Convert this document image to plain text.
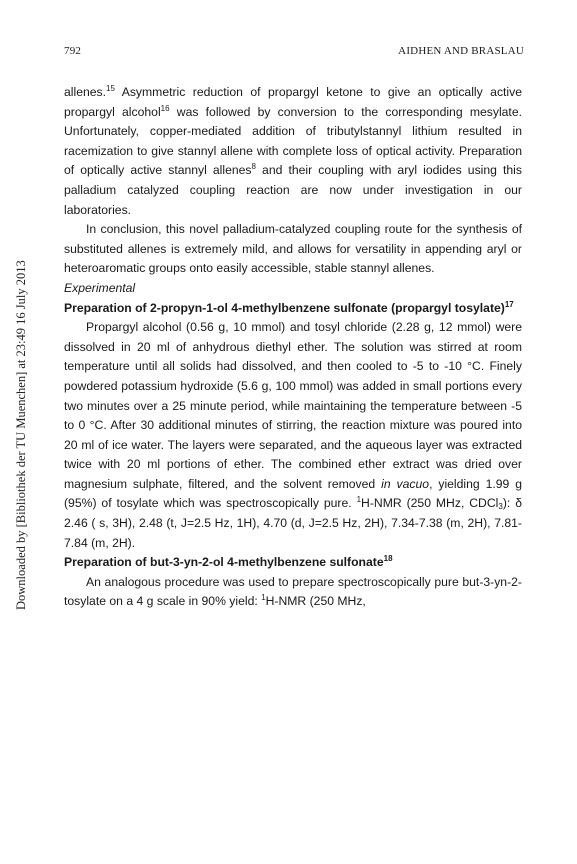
792	AIDHEN AND BRASLAU
Downloaded by [Bibliothek der TU Muenchen] at 23:49 16 July 2013

allenes.$^{15}$ Asymmetric reduction of propargyl ketone to give an optically active propargyl alcohol$^{16}$ was followed by conversion to the corresponding mesylate. Unfortunately, copper-mediated addition of tributylstannyl lithium resulted in racemization to give stannyl allene with complete loss of optical activity. Preparation of optically active stannyl allenes$^8$ and their coupling with aryl iodides using this palladium catalyzed coupling reaction are now under investigation in our laboratories.

In conclusion, this novel palladium-catalyzed coupling route for the synthesis of substituted allenes is extremely mild, and allows for versatility in appending aryl or heteroaromatic groups onto easily accessible, stable stannyl allenes.

Experimental

Preparation of 2-propyn-1-ol 4-methylbenzene sulfonate (propargyl tosylate)$^{17}$

Propargyl alcohol (0.56 g, 10 mmol) and tosyl chloride (2.28 g, 12 mmol) were dissolved in 20 ml of anhydrous diethyl ether. The solution was stirred at room temperature until all solids had dissolved, and then cooled to -5 to -10 °C. Finely powdered potassium hydroxide (5.6 g, 100 mmol) was added in small portions every two minutes over a 25 minute period, while maintaining the temperature between -5 to 0 °C. After 30 additional minutes of stirring, the reaction mixture was poured into 20 ml of ice water. The layers were separated, and the aqueous layer was extracted twice with 20 ml portions of ether. The combined ether extract was dried over magnesium sulphate, filtered, and the solvent removed in vacuo, yielding 1.99 g (95%) of tosylate which was spectroscopically pure. $^1$H-NMR (250 MHz, CDCl$_3$): δ 2.46 ( s, 3H), 2.48 (t, J=2.5 Hz, 1H), 4.70 (d, J=2.5 Hz, 2H), 7.34-7.38 (m, 2H), 7.81-7.84 (m, 2H).

Preparation of but-3-yn-2-ol 4-methylbenzene sulfonate$^{18}$

An analogous procedure was used to prepare spectroscopically pure but-3-yn-2-tosylate on a 4 g scale in 90% yield: $^1$H-NMR (250 MHz,
